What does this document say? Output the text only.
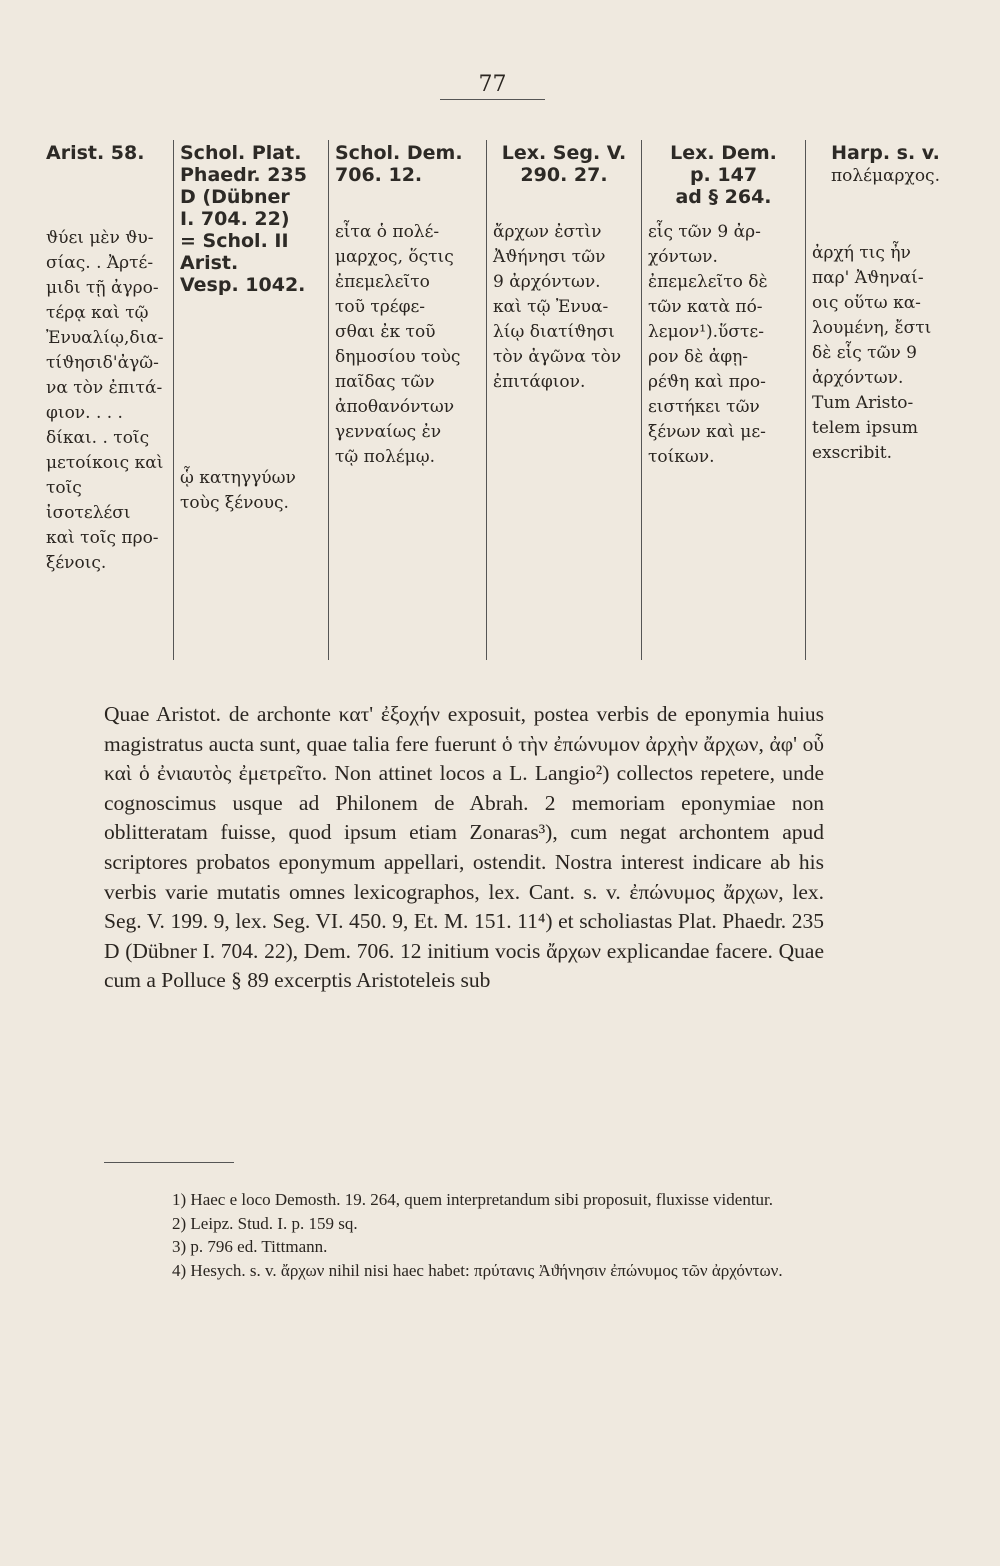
77
Arist. 58.
ϑύει μὲν ϑυ-
σίας. . Ἀρτέ-
μιδι τῇ ἀγρο-
τέρᾳ καὶ τῷ
Ἐνυαλίῳ,δια-
τίϑησιδ'ἀγῶ-
να τὸν ἐπιτά-
φιον. . . .
δίκαι. . τοῖς
μετοίκοις καὶ
τοῖς ἰσοτελέσι
καὶ τοῖς προ-
ξένοις.
Schol. Plat.
Phaedr. 235
D (Dübner
I. 704. 22)
= Schol. II
Arist.
Vesp. 1042.
ᾧ κατηγγύων
τοὺς ξένους.
Schol. Dem.
706. 12.
εἶτα ὁ πολέ-
μαρχος, ὅςτις
ἐπεμελεῖτο
τοῦ τρέφε-
σθαι ἐκ τοῦ
δημοσίου τοὺς
παῖδας τῶν
ἀποθανόντων
γενναίως ἐν
τῷ πολέμῳ.
Lex. Seg. V.
290. 27.
ἄρχων ἐστὶν
Ἀϑήνησι τῶν
9 ἀρχόντων.
καὶ τῷ Ἐνυα-
λίῳ διατίϑησι
τὸν ἀγῶνα τὸν
ἐπιτάφιον.
Lex. Dem.
p. 147
ad § 264.
εἷς τῶν 9 ἀρ-
χόντων.
ἐπεμελεῖτο δὲ
τῶν κατὰ πό-
λεμον¹).ὕστε-
ρον δὲ ἀφῃ-
ρέϑη καὶ προ-
ειστήκει τῶν
ξένων καὶ με-
τοίκων.
Harp. s. v.
πολέμαρχος.
ἀρχή τις ἦν
παρ' Ἀϑηναί-
οις οὕτω κα-
λουμένη, ἔστι
δὲ εἷς τῶν 9
ἀρχόντων.
Tum Aristo-
telem ipsum
exscribit.

Quae Aristot. de archonte κατ' ἐξοχήν exposuit, postea verbis de eponymia huius magistratus aucta sunt, quae talia fere fuerunt ὁ τὴν ἐπώνυμον ἀρχὴν ἄρχων, ἀφ' οὗ καὶ ὁ ἐνιαυτὸς ἐμετρεῖτο. Non attinet locos a L. Langio²) collectos repetere, unde cognoscimus usque ad Philonem de Abrah. 2 memoriam eponymiae non oblitteratam fuisse, quod ipsum etiam Zonaras³), cum negat archontem apud scriptores probatos eponymum appellari, ostendit. Nostra interest indicare ab his verbis varie mutatis omnes lexicographos, lex. Cant. s. v. ἐπώνυμος ἄρχων, lex. Seg. V. 199. 9, lex. Seg. VI. 450. 9, Et. M. 151. 11⁴) et scholiastas Plat. Phaedr. 235 D (Dübner I. 704. 22), Dem. 706. 12 initium vocis ἄρχων explicandae facere. Quae cum a Polluce § 89 excerptis Aristoteleis sub

1) Haec e loco Demosth. 19. 264, quem interpretandum sibi proposuit, fluxisse videntur.

2) Leipz. Stud. I. p. 159 sq.

3) p. 796 ed. Tittmann.

4) Hesych. s. v. ἄρχων nihil nisi haec habet: πρύτανις Ἀϑήνησιν ἐπώνυμος τῶν ἀρχόντων.
